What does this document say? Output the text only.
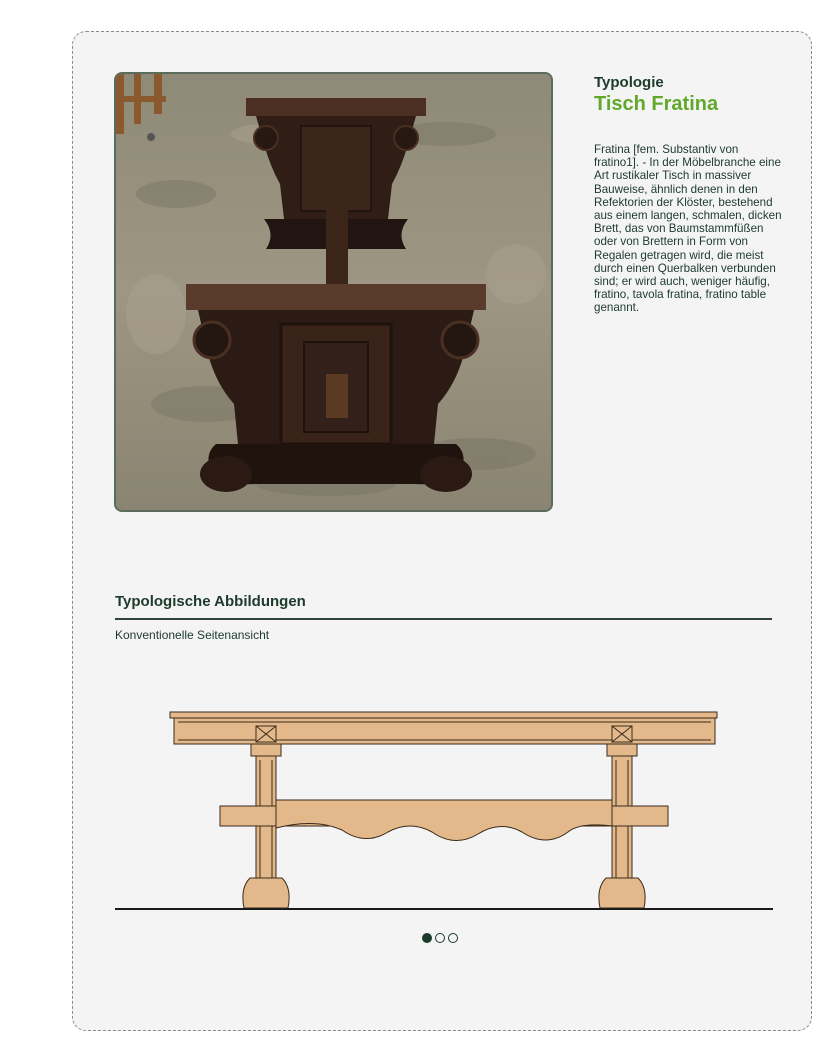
Typologie

Tisch Fratina

Fratina [fem. Substantiv von fratino1]. - In der Möbelbranche eine Art rustikaler Tisch in massiver Bauweise, ähnlich denen in den Refektorien der Klöster, bestehend aus einem langen, schmalen, dicken Brett, das von Baumstammfüßen oder von Brettern in Form von Regalen getragen wird, die meist durch einen Querbalken verbunden sind; er wird auch, weniger häufig, fratino, tavola fratina, fratino table genannt.

Typologische Abbildungen

Konventionelle Seitenansicht
